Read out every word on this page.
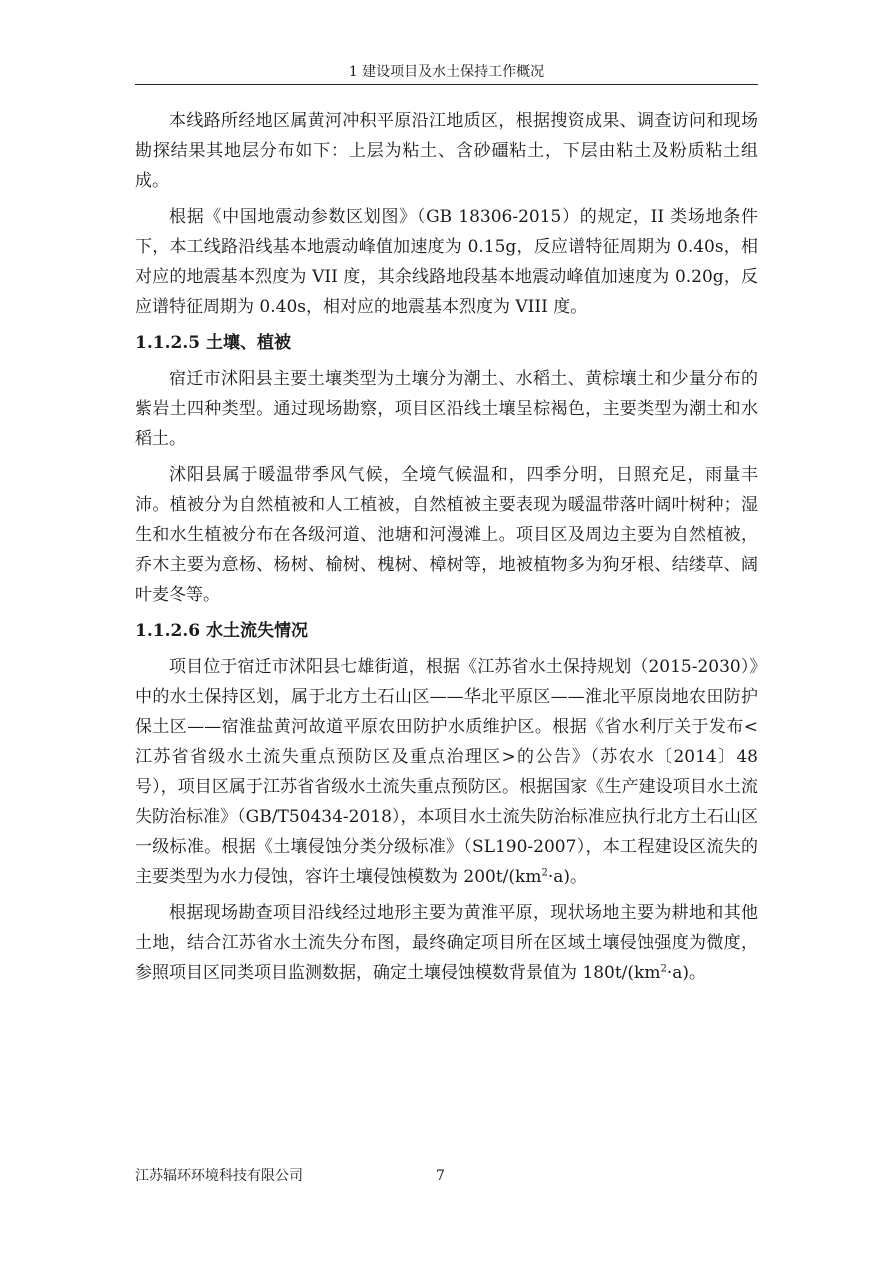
1 建设项目及水土保持工作概况

本线路所经地区属黄河冲积平原沿江地质区，根据搜资成果、调查访问和现场勘探结果其地层分布如下：上层为粘土、含砂礓粘土，下层由粘土及粉质粘土组成。

根据《中国地震动参数区划图》（GB 18306-2015）的规定，II 类场地条件下，本工线路沿线基本地震动峰值加速度为 0.15g，反应谱特征周期为 0.40s，相对应的地震基本烈度为 VII 度，其余线路地段基本地震动峰值加速度为 0.20g，反应谱特征周期为 0.40s，相对应的地震基本烈度为 VIII 度。

1.1.2.5 土壤、植被

宿迁市沭阳县主要土壤类型为土壤分为潮土、水稻土、黄棕壤土和少量分布的紫岩土四种类型。通过现场勘察，项目区沿线土壤呈棕褐色，主要类型为潮土和水稻土。

沭阳县属于暖温带季风气候，全境气候温和，四季分明，日照充足，雨量丰沛。植被分为自然植被和人工植被，自然植被主要表现为暖温带落叶阔叶树种；湿生和水生植被分布在各级河道、池塘和河漫滩上。项目区及周边主要为自然植被，乔木主要为意杨、杨树、榆树、槐树、樟树等，地被植物多为狗牙根、结缕草、阔叶麦冬等。

1.1.2.6 水土流失情况

项目位于宿迁市沭阳县七雄街道，根据《江苏省水土保持规划（2015-2030）》中的水土保持区划，属于北方土石山区——华北平原区——淮北平原岗地农田防护保土区——宿淮盐黄河故道平原农田防护水质维护区。根据《省水利厅关于发布<江苏省省级水土流失重点预防区及重点治理区>的公告》（苏农水〔2014〕48 号），项目区属于江苏省省级水土流失重点预防区。根据国家《生产建设项目水土流失防治标准》（GB/T50434-2018），本项目水土流失防治标准应执行北方土石山区一级标准。根据《土壤侵蚀分类分级标准》（SL190-2007），本工程建设区流失的主要类型为水力侵蚀，容许土壤侵蚀模数为 $200t/(km^2\cdot a)$。

根据现场勘查项目沿线经过地形主要为黄淮平原，现状场地主要为耕地和其他土地，结合江苏省水土流失分布图，最终确定项目所在区域土壤侵蚀强度为微度，参照项目区同类项目监测数据，确定土壤侵蚀模数背景值为 $180t/(km^2\cdot a)$。

江苏辐环环境科技有限公司	7
